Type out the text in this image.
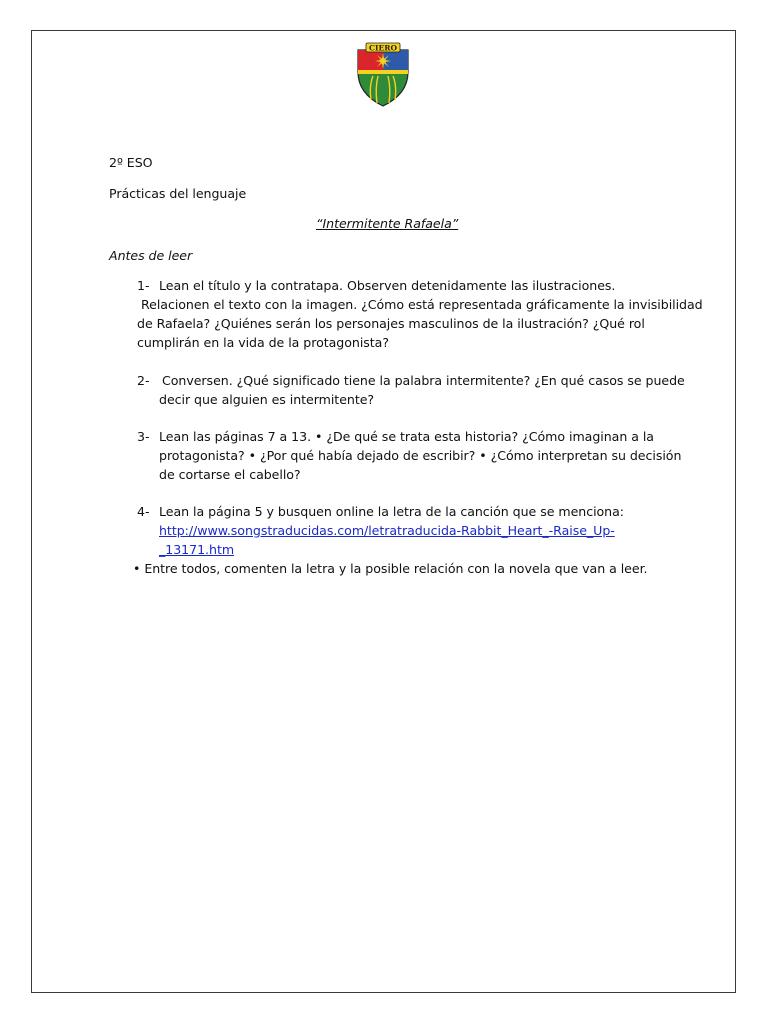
CIERO
2º ESO
Prácticas del lenguaje
“Intermitente Rafaela”
Antes de leer
1- Lean el título y la contratapa. Observen detenidamente las ilustraciones.
Relacionen el texto con la imagen. ¿Cómo está representada gráficamente la invisibilidad
de Rafaela? ¿Quiénes serán los personajes masculinos de la ilustración? ¿Qué rol
cumplirán en la vida de la protagonista?
2- Conversen. ¿Qué significado tiene la palabra intermitente? ¿En qué casos se puede
decir que alguien es intermitente?
3- Lean las páginas 7 a 13. • ¿De qué se trata esta historia? ¿Cómo imaginan a la
protagonista? • ¿Por qué había dejado de escribir? • ¿Cómo interpretan su decisión
de cortarse el cabello?
4- Lean la página 5 y busquen online la letra de la canción que se menciona:
http://www.songstraducidas.com/letratraducida-Rabbit_Heart_-Raise_Up-
_13171.htm
• Entre todos, comenten la letra y la posible relación con la novela que van a leer.
